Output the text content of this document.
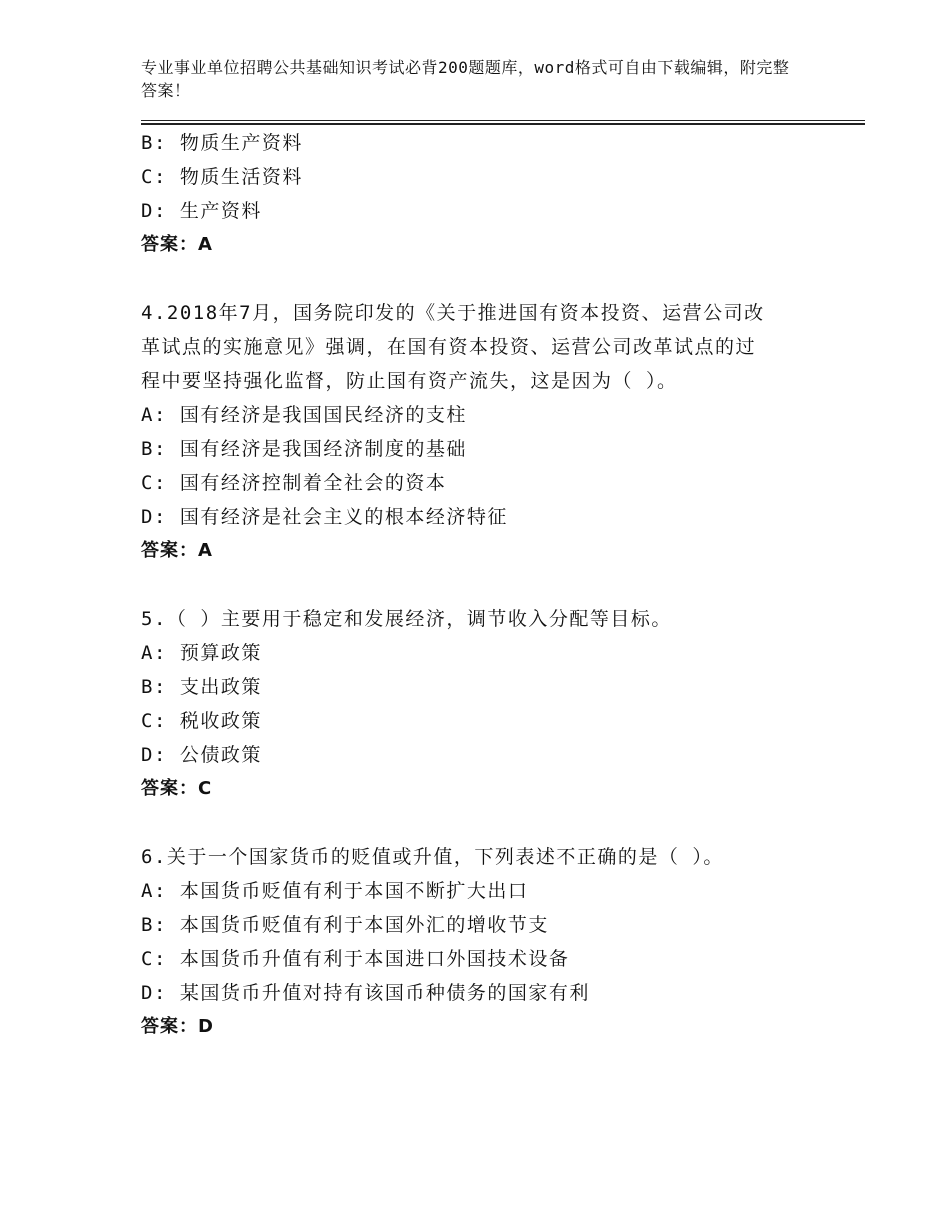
专业事业单位招聘公共基础知识考试必背200题题库，word格式可自由下载编辑，附完整答案！
B: 物质生产资料
C: 物质生活资料
D: 生产资料
答案：A
4.2018年7月，国务院印发的《关于推进国有资本投资、运营公司改
革试点的实施意见》强调，在国有资本投资、运营公司改革试点的过
程中要坚持强化监督，防止国有资产流失，这是因为（ ）。
A: 国有经济是我国国民经济的支柱
B: 国有经济是我国经济制度的基础
C: 国有经济控制着全社会的资本
D: 国有经济是社会主义的根本经济特征
答案：A
5.（ ）主要用于稳定和发展经济，调节收入分配等目标。
A: 预算政策
B: 支出政策
C: 税收政策
D: 公债政策
答案：C
6.关于一个国家货币的贬值或升值，下列表述不正确的是（ ）。
A: 本国货币贬值有利于本国不断扩大出口
B: 本国货币贬值有利于本国外汇的增收节支
C: 本国货币升值有利于本国进口外国技术设备
D: 某国货币升值对持有该国币种债务的国家有利
答案：D
